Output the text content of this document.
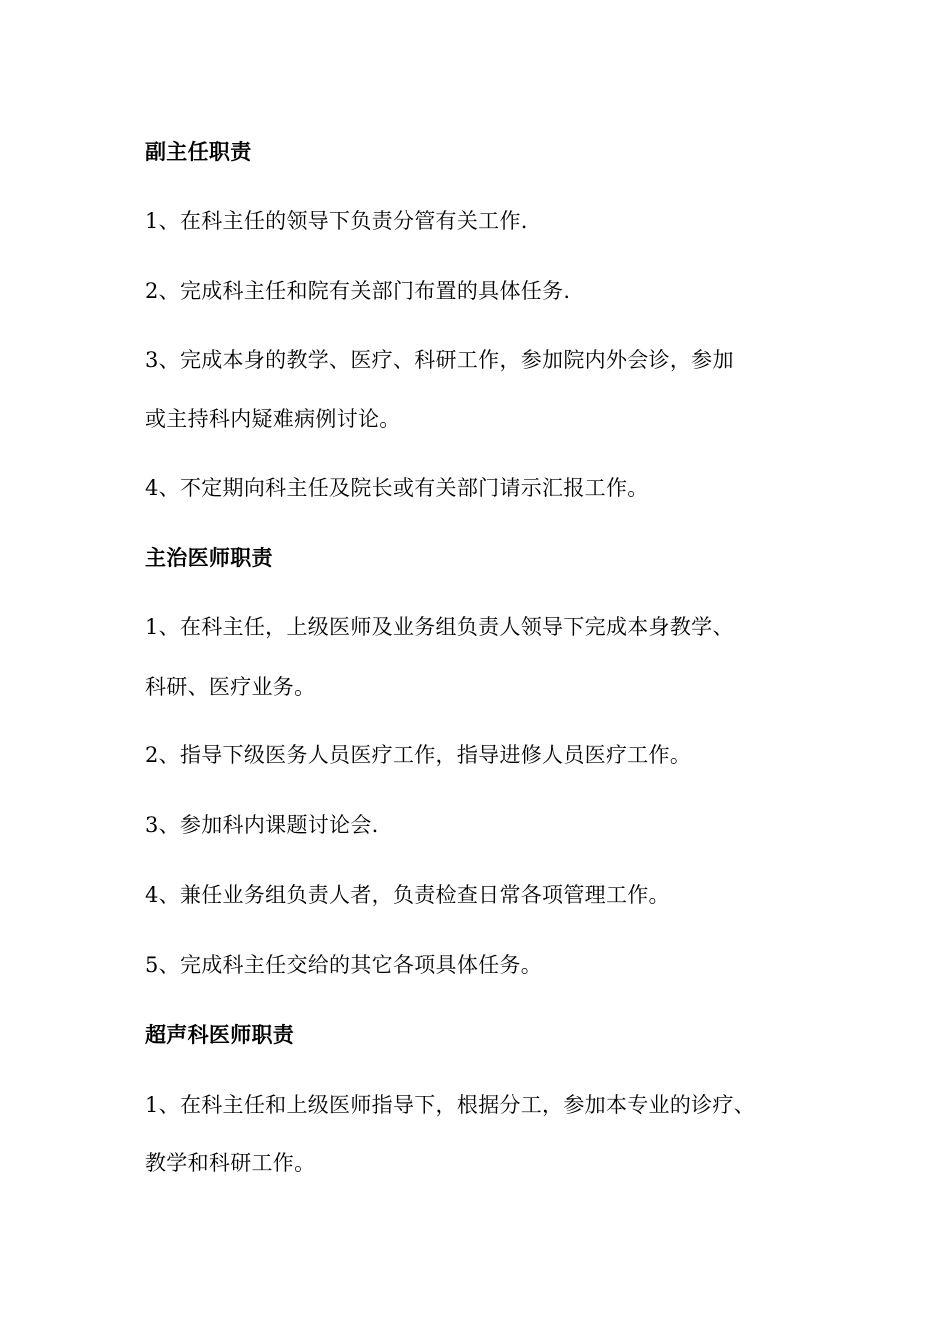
副主任职责
1、在科主任的领导下负责分管有关工作.
2、完成科主任和院有关部门布置的具体任务.
3、完成本身的教学、医疗、科研工作，参加院内外会诊，参加
或主持科内疑难病例讨论。
4、不定期向科主任及院长或有关部门请示汇报工作。
主治医师职责
1、在科主任，上级医师及业务组负责人领导下完成本身教学、
科研、医疗业务。
2、指导下级医务人员医疗工作，指导进修人员医疗工作。
3、参加科内课题讨论会.
4、兼任业务组负责人者，负责检查日常各项管理工作。
5、完成科主任交给的其它各项具体任务。
超声科医师职责
1、在科主任和上级医师指导下，根据分工，参加本专业的诊疗、
教学和科研工作。
